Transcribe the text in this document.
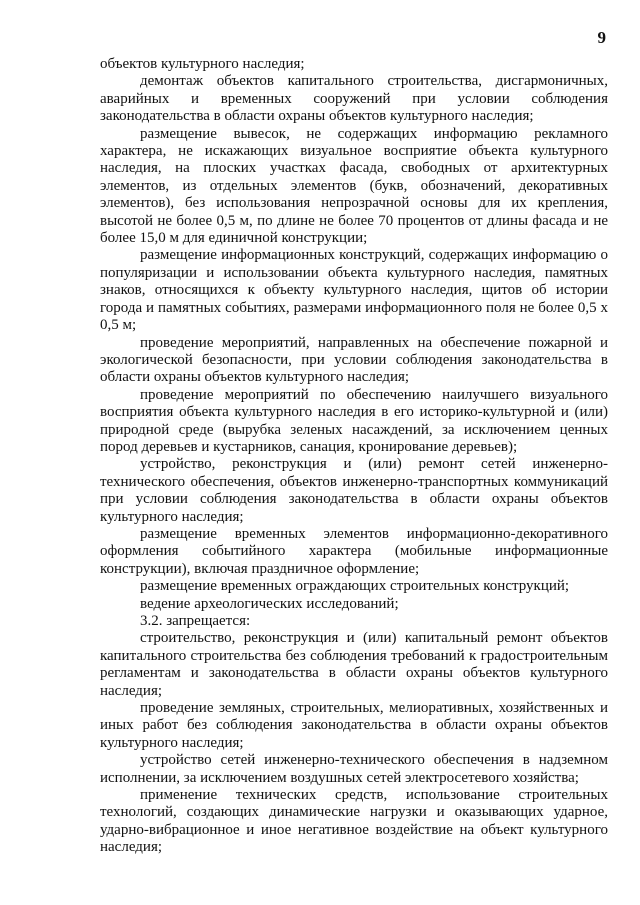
9

объектов культурного наследия;

демонтаж объектов капитального строительства, дисгармоничных, аварийных и временных сооружений при условии соблюдения законодательства в области охраны объектов культурного наследия;

размещение вывесок, не содержащих информацию рекламного характера, не искажающих визуальное восприятие объекта культурного наследия, на плоских участках фасада, свободных от архитектурных элементов, из отдельных элементов (букв, обозначений, декоративных элементов), без использования непрозрачной основы для их крепления, высотой не более 0,5 м, по длине не более 70 процентов от длины фасада и не более 15,0 м для единичной конструкции;

размещение информационных конструкций, содержащих информацию о популяризации и использовании объекта культурного наследия, памятных знаков, относящихся к объекту культурного наследия, щитов об истории города и памятных событиях, размерами информационного поля не более 0,5 x 0,5 м;

проведение мероприятий, направленных на обеспечение пожарной и экологической безопасности, при условии соблюдения законодательства в области охраны объектов культурного наследия;

проведение мероприятий по обеспечению наилучшего визуального восприятия объекта культурного наследия в его историко-культурной и (или) природной среде (вырубка зеленых насаждений, за исключением ценных пород деревьев и кустарников, санация, кронирование деревьев);

устройство, реконструкция и (или) ремонт сетей инженерно-технического обеспечения, объектов инженерно-транспортных коммуникаций при условии соблюдения законодательства в области охраны объектов культурного наследия;

размещение временных элементов информационно-декоративного оформления событийного характера (мобильные информационные конструкции), включая праздничное оформление;

размещение временных ограждающих строительных конструкций;

ведение археологических исследований;

3.2. запрещается:

строительство, реконструкция и (или) капитальный ремонт объектов капитального строительства без соблюдения требований к градостроительным регламентам и законодательства в области охраны объектов культурного наследия;

проведение земляных, строительных, мелиоративных, хозяйственных и иных работ без соблюдения законодательства в области охраны объектов культурного наследия;

устройство сетей инженерно-технического обеспечения в надземном исполнении, за исключением воздушных сетей электросетевого хозяйства;

применение технических средств, использование строительных технологий, создающих динамические нагрузки и оказывающих ударное, ударно-вибрационное и иное негативное воздействие на объект культурного наследия;
